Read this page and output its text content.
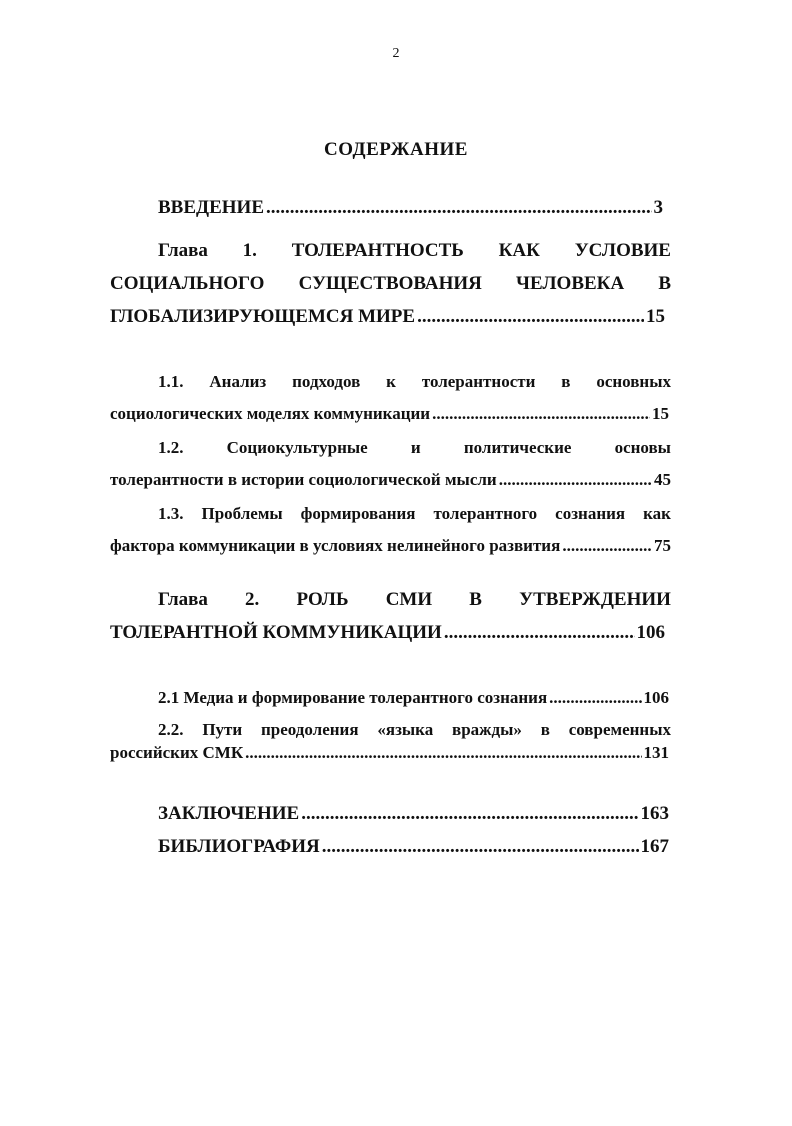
2
СОДЕРЖАНИЕ
ВВЕДЕНИЕ .....	3
Глава 1. ТОЛЕРАНТНОСТЬ КАК УСЛОВИЕ
СОЦИАЛЬНОГО СУЩЕСТВОВАНИЯ ЧЕЛОВЕКА В
ГЛОБАЛИЗИРУЮЩЕМСЯ МИРЕ .....	15
1.1. Анализ подходов к толерантности в основных
социологических моделях коммуникации .....	15
1.2.	Социокультурные	и	политические	основы
толерантности в истории социологической мысли .....	45
1.3. Проблемы формирования толерантного сознания как
фактора коммуникации в условиях нелинейного развития .....	75
Глава 2. РОЛЬ СМИ В УТВЕРЖДЕНИИ
ТОЛЕРАНТНОЙ КОММУНИКАЦИИ .....	106
2.1 Медиа и формирование толерантного сознания .....	106
2.2. Пути преодоления «языка вражды» в современных
российских СМК .....	131
ЗАКЛЮЧЕНИЕ .....	163
БИБЛИОГРАФИЯ .....	167
